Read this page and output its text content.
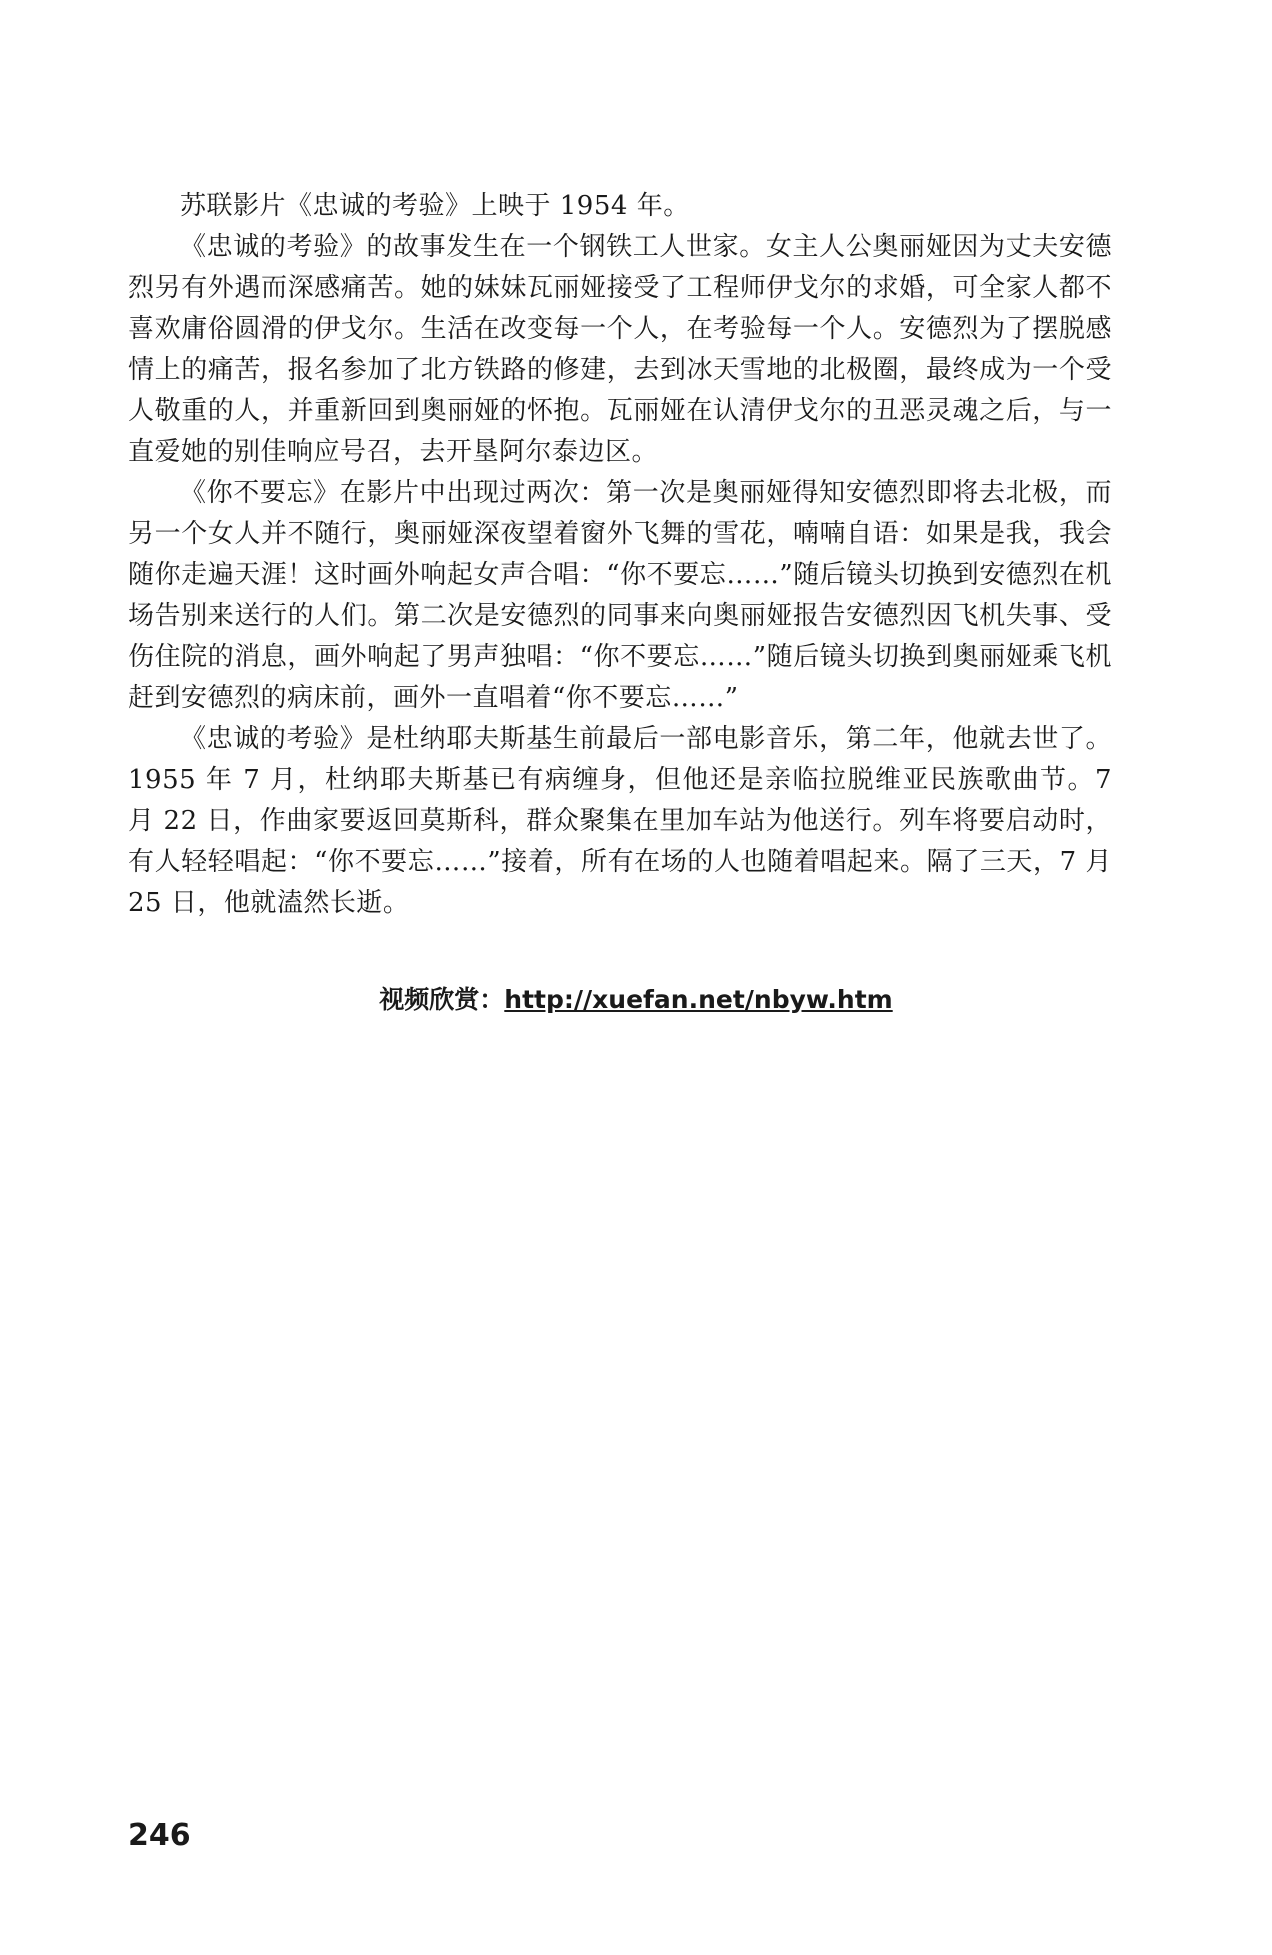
苏联影片《忠诚的考验》上映于 1954 年。

《忠诚的考验》的故事发生在一个钢铁工人世家。女主人公奥丽娅因为丈夫安德烈另有外遇而深感痛苦。她的妹妹瓦丽娅接受了工程师伊戈尔的求婚，可全家人都不喜欢庸俗圆滑的伊戈尔。生活在改变每一个人，在考验每一个人。安德烈为了摆脱感情上的痛苦，报名参加了北方铁路的修建，去到冰天雪地的北极圈，最终成为一个受人敬重的人，并重新回到奥丽娅的怀抱。瓦丽娅在认清伊戈尔的丑恶灵魂之后，与一直爱她的别佳响应号召，去开垦阿尔泰边区。

《你不要忘》在影片中出现过两次：第一次是奥丽娅得知安德烈即将去北极，而另一个女人并不随行，奥丽娅深夜望着窗外飞舞的雪花，喃喃自语：如果是我，我会随你走遍天涯！这时画外响起女声合唱：“你不要忘……”随后镜头切换到安德烈在机场告别来送行的人们。第二次是安德烈的同事来向奥丽娅报告安德烈因飞机失事、受伤住院的消息，画外响起了男声独唱：“你不要忘……”随后镜头切换到奥丽娅乘飞机赶到安德烈的病床前，画外一直唱着“你不要忘……”

《忠诚的考验》是杜纳耶夫斯基生前最后一部电影音乐，第二年，他就去世了。1955 年 7 月，杜纳耶夫斯基已有病缠身，但他还是亲临拉脱维亚民族歌曲节。7 月 22 日，作曲家要返回莫斯科，群众聚集在里加车站为他送行。列车将要启动时，有人轻轻唱起：“你不要忘……”接着，所有在场的人也随着唱起来。隔了三天，7 月 25 日，他就溘然长逝。

视频欣赏：http://xuefan.net/nbyw.htm
246
